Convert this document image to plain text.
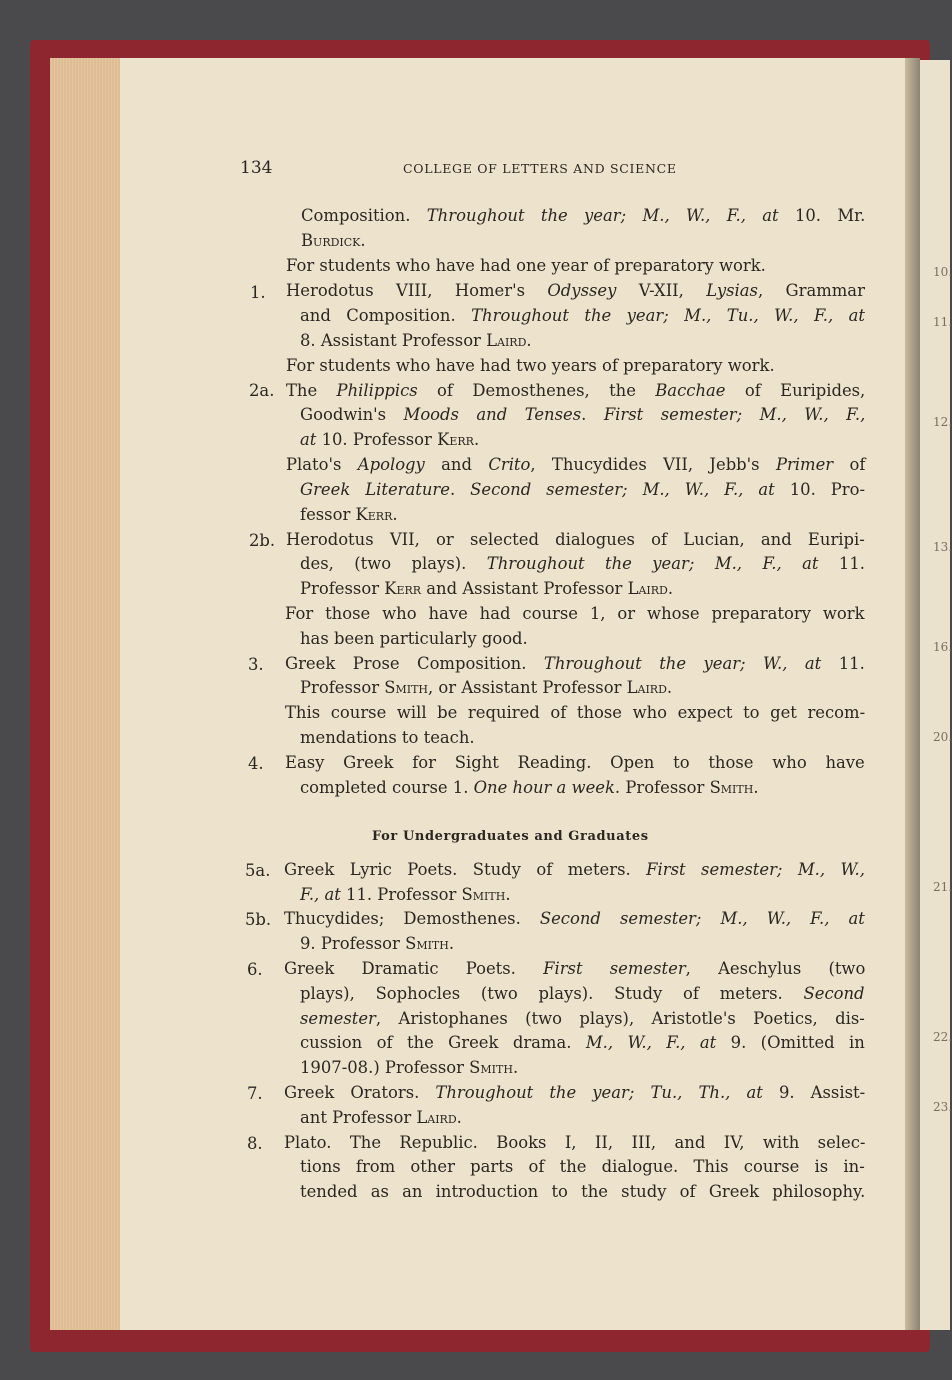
10.
11.
12.
13.
16.
20.
21.
22.
23.
134	COLLEGE OF LETTERS AND SCIENCE
1.
2a.
2b.
3.
4.
5a.
5b.
6.
7.
8.
For Undergraduates and Graduates
Composition. Throughout the year; M., W., F., at 10. Mr.
Burdick.
For students who have had one year of preparatory work.
Herodotus VIII, Homer's Odyssey V-XII, Lysias, Grammar
and Composition. Throughout the year; M., Tu., W., F., at
8. Assistant Professor Laird.
For students who have had two years of preparatory work.
The Philippics of Demosthenes, the Bacchae of Euripides,
Goodwin's Moods and Tenses. First semester; M., W., F.,
at 10. Professor Kerr.
Plato's Apology and Crito, Thucydides VII, Jebb's Primer of
Greek Literature. Second semester; M., W., F., at 10. Pro-
fessor Kerr.
Herodotus VII, or selected dialogues of Lucian, and Euripi-
des, (two plays). Throughout the year; M., F., at 11.
Professor Kerr and Assistant Professor Laird.
For those who have had course 1, or whose preparatory work
has been particularly good.
Greek Prose Composition. Throughout the year; W., at 11.
Professor Smith, or Assistant Professor Laird.
This course will be required of those who expect to get recom-
mendations to teach.
Easy Greek for Sight Reading. Open to those who have
completed course 1. One hour a week. Professor Smith.
Greek Lyric Poets. Study of meters. First semester; M., W.,
F., at 11. Professor Smith.
Thucydides; Demosthenes. Second semester; M., W., F., at
9. Professor Smith.
Greek Dramatic Poets. First semester, Aeschylus (two
plays), Sophocles (two plays). Study of meters. Second
semester, Aristophanes (two plays), Aristotle's Poetics, dis-
cussion of the Greek drama. M., W., F., at 9. (Omitted in
1907-08.) Professor Smith.
Greek Orators. Throughout the year; Tu., Th., at 9. Assist-
ant Professor Laird.
Plato. The Republic. Books I, II, III, and IV, with selec-
tions from other parts of the dialogue. This course is in-
tended as an introduction to the study of Greek philosophy.
